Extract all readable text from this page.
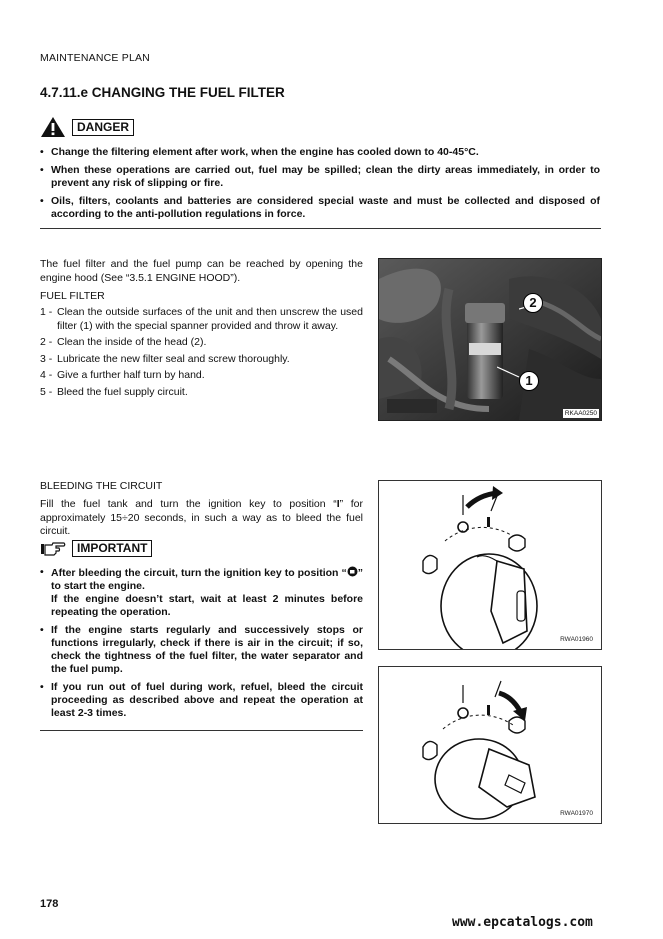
MAINTENANCE PLAN
4.7.11.e CHANGING THE FUEL FILTER
DANGER
• Change the filtering element after work, when the engine has cooled down to 40-45°C.
• When these operations are carried out, fuel may be spilled; clean the dirty areas immediately, in order to prevent any risk of slipping or fire.
• Oils, filters, coolants and batteries are considered special waste and must be collected and disposed of according to the anti-pollution regulations in force.
The fuel filter and the fuel pump can be reached by opening the engine hood (See “3.5.1 ENGINE HOOD”).
FUEL FILTER
1 - Clean the outside surfaces of the unit and then unscrew the used filter (1) with the special spanner provided and throw it away.
2 - Clean the inside of the head (2).
3 - Lubricate the new filter seal and screw thoroughly.
4 - Give a further half turn by hand.
5 - Bleed the fuel supply circuit.
2
1
RKAA0250
BLEEDING THE CIRCUIT
Fill the fuel tank and turn the ignition key to position “I” for approximately 15÷20 seconds, in such a way as to bleed the fuel circuit.
IMPORTANT
• After bleeding the circuit, turn the ignition key to position “ ” to start the engine.
If the engine doesn’t start, wait at least 2 minutes before repeating the operation.
• If the engine starts regularly and successively stops or functions irregularly, check if there is air in the circuit; if so, check the tightness of the fuel filter, the water separator and the fuel pump.
• If you run out of fuel during work, refuel, bleed the circuit proceeding as described above and repeat the operation at least 2-3 times.
RWA01960
RWA01970
178
www.epcatalogs.com
